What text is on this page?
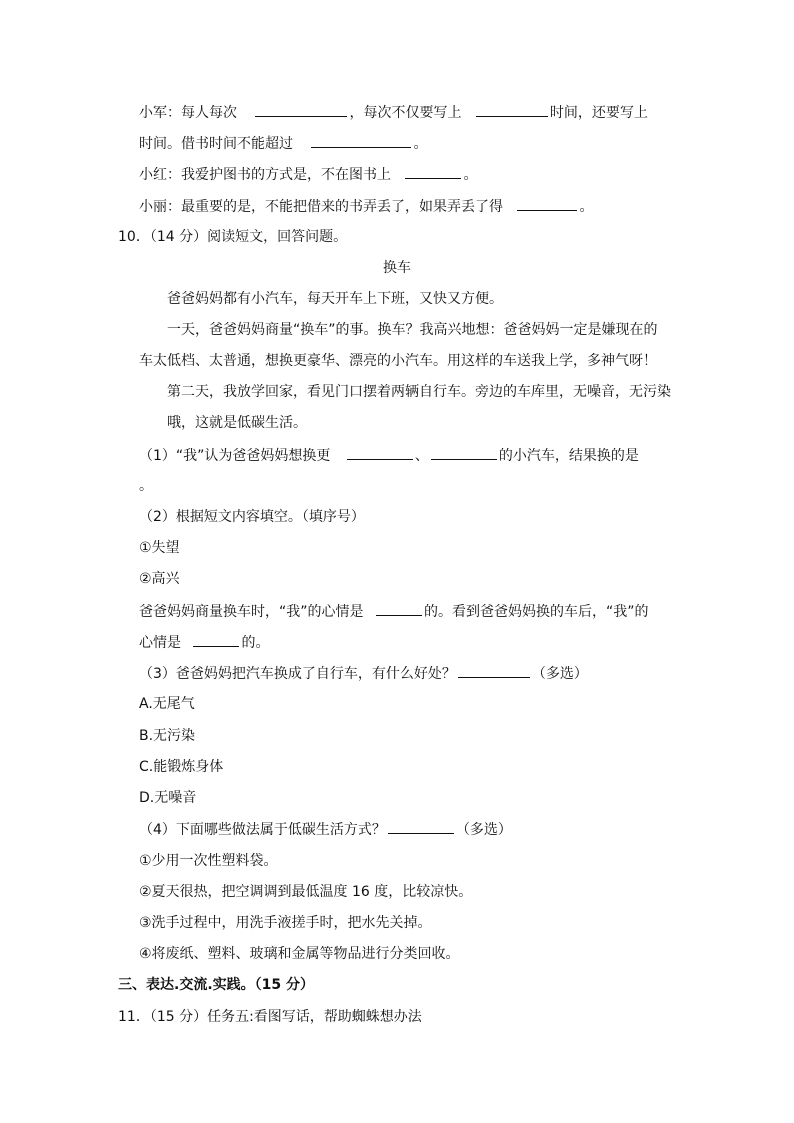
小军：每人每次	，每次不仅要写上	时间，还要写上
时间。借书时间不能超过	。
小红：我爱护图书的方式是，不在图书上	。
小丽：最重要的是，不能把借来的书弄丢了，如果弄丢了得	。
10．（14 分）阅读短文，回答问题。
换车
爸爸妈妈都有小汽车，每天开车上下班，又快又方便。
一天，爸爸妈妈商量“换车”的事。换车？我高兴地想：爸爸妈妈一定是嫌现在的
车太低档、太普通，想换更豪华、漂亮的小汽车。用这样的车送我上学，多神气呀！
第二天，我放学回家，看见门口摆着两辆自行车。旁边的车库里，无噪音，无污染
哦，这就是低碳生活。
（1）“我”认为爸爸妈妈想换更	、	的小汽车，结果换的是
。
（2）根据短文内容填空。（填序号）
①失望
②高兴
爸爸妈妈商量换车时，“我”的心情是	的。看到爸爸妈妈换的车后，“我”的
心情是	的。
（3）爸爸妈妈把汽车换成了自行车，有什么好处？	（多选）
A.无尾气
B.无污染
C.能锻炼身体
D.无噪音
（4）下面哪些做法属于低碳生活方式？	（多选）
①少用一次性塑料袋。
②夏天很热，把空调调到最低温度 16 度，比较凉快。
③洗手过程中，用洗手液搓手时，把水先关掉。
④将废纸、塑料、玻璃和金属等物品进行分类回收。
三、表达.交流.实践。（15 分）
11．（15 分）任务五:看图写话，帮助蜘蛛想办法
